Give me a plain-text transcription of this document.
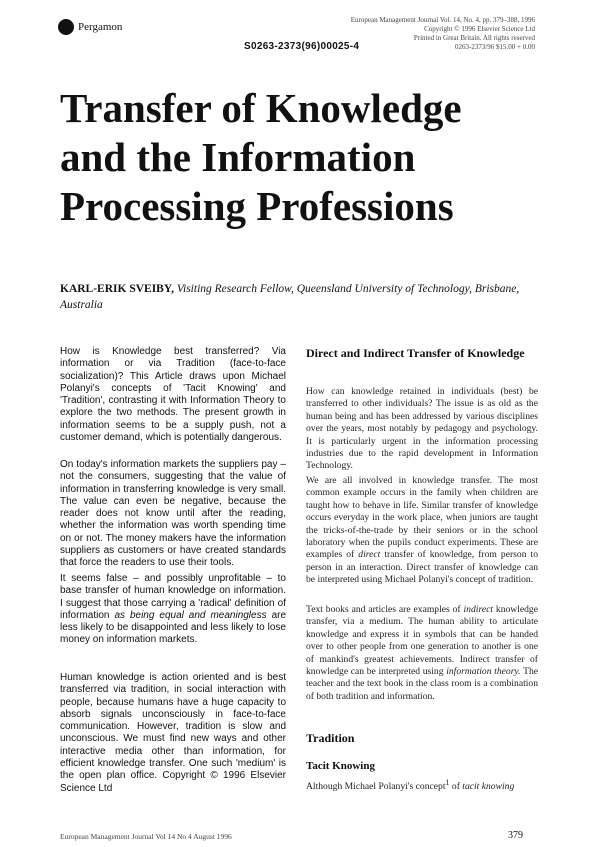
Pergamon
European Management Journal Vol. 14, No. 4, pp. 379–388, 1996
Copyright © 1996 Elsevier Science Ltd
Printed in Great Britain. All rights reserved
0263-2373/96 $15.00 + 0.00
S0263-2373(96)00025-4
Transfer of Knowledge
and the Information
Processing Professions
KARL-ERIK SVEIBY, Visiting Research Fellow, Queensland University of Technology, Brisbane, Australia

How is Knowledge best transferred? Via information or via Tradition (face-to-face socialization)? This Article draws upon Michael Polanyi's concepts of 'Tacit Knowing' and 'Tradition', contrasting it with Information Theory to explore the two methods. The present growth in information seems to be a supply push, not a customer demand, which is potentially dangerous.

On today's information markets the suppliers pay – not the consumers, suggesting that the value of information in transferring knowledge is very small. The value can even be negative, because the reader does not know until after the reading, whether the information was worth spending time on or not. The money makers have the information suppliers as customers or have created standards that force the readers to use their tools.

It seems false – and possibly unprofitable – to base transfer of human knowledge on information. I suggest that those carrying a 'radical' definition of information as being equal and meaningless are less likely to be disappointed and less likely to lose money on information markets.

Human knowledge is action oriented and is best transferred via tradition, in social interaction with people, because humans have a huge capacity to absorb signals unconsciously in face-to-face communication. However, tradition is slow and unconscious. We must find new ways and other interactive media other than information, for efficient knowledge transfer. One such 'medium' is the open plan office. Copyright © 1996 Elsevier Science Ltd

Direct and Indirect Transfer of Knowledge

How can knowledge retained in individuals (best) be transferred to other individuals? The issue is as old as the human being and has been addressed by various disciplines over the years, most notably by pedagogy and psychology. It is particularly urgent in the information processing industries due to the rapid development in Information Technology.

We are all involved in knowledge transfer. The most common example occurs in the family when children are taught how to behave in life. Similar transfer of knowledge occurs everyday in the work place, when juniors are taught the tricks-of-the-trade by their seniors or in the school laboratory when the pupils conduct experiments. These are examples of direct transfer of knowledge, from person to person in an interaction. Direct transfer of knowledge can be interpreted using Michael Polanyi's concept of tradition.

Text books and articles are examples of indirect knowledge transfer, via a medium. The human ability to articulate knowledge and express it in symbols that can be handed over to other people from one generation to another is one of mankind's greatest achievements. Indirect transfer of knowledge can be interpreted using information theory. The teacher and the text book in the class room is a combination of both tradition and information.

Tradition
Tacit Knowing

Although Michael Polanyi's concept$^1$ of tacit knowing

European Management Journal Vol 14 No 4 August 1996	379
